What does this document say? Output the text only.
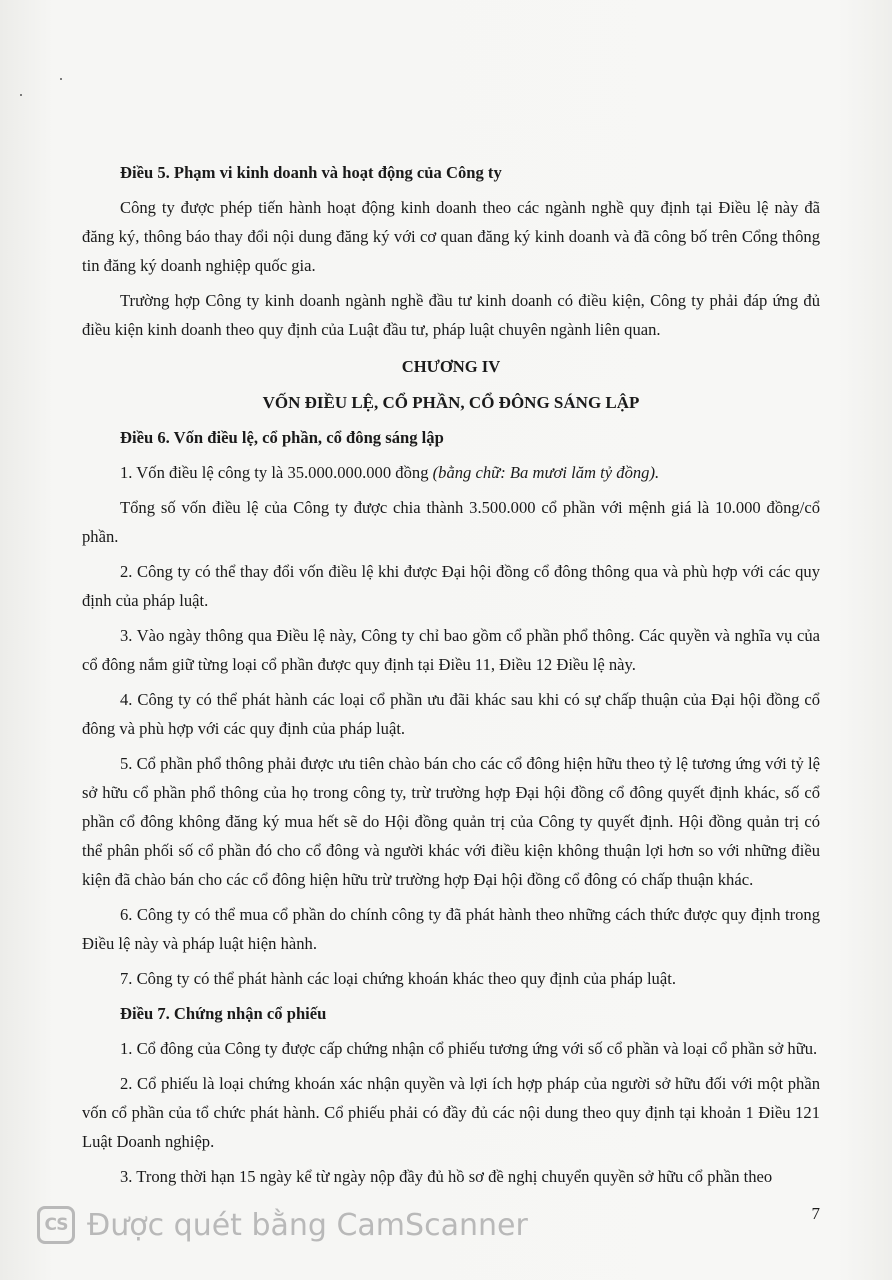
Điều 5. Phạm vi kinh doanh và hoạt động của Công ty

Công ty được phép tiến hành hoạt động kinh doanh theo các ngành nghề quy định tại Điều lệ này đã đăng ký, thông báo thay đổi nội dung đăng ký với cơ quan đăng ký kinh doanh và đã công bố trên Cổng thông tin đăng ký doanh nghiệp quốc gia.

Trường hợp Công ty kinh doanh ngành nghề đầu tư kinh doanh có điều kiện, Công ty phải đáp ứng đủ điều kiện kinh doanh theo quy định của Luật đầu tư, pháp luật chuyên ngành liên quan.

CHƯƠNG IV

VỐN ĐIỀU LỆ, CỔ PHẦN, CỔ ĐÔNG SÁNG LẬP

Điều 6. Vốn điều lệ, cổ phần, cổ đông sáng lập

1. Vốn điều lệ công ty là 35.000.000.000 đồng (bằng chữ: Ba mươi lăm tỷ đồng).

Tổng số vốn điều lệ của Công ty được chia thành 3.500.000 cổ phần với mệnh giá là 10.000 đồng/cổ phần.

2. Công ty có thể thay đổi vốn điều lệ khi được Đại hội đồng cổ đông thông qua và phù hợp với các quy định của pháp luật.

3. Vào ngày thông qua Điều lệ này, Công ty chỉ bao gồm cổ phần phổ thông. Các quyền và nghĩa vụ của cổ đông nắm giữ từng loại cổ phần được quy định tại Điều 11, Điều 12 Điều lệ này.

4. Công ty có thể phát hành các loại cổ phần ưu đãi khác sau khi có sự chấp thuận của Đại hội đồng cổ đông và phù hợp với các quy định của pháp luật.

5. Cổ phần phổ thông phải được ưu tiên chào bán cho các cổ đông hiện hữu theo tỷ lệ tương ứng với tỷ lệ sở hữu cổ phần phổ thông của họ trong công ty, trừ trường hợp Đại hội đồng cổ đông quyết định khác, số cổ phần cổ đông không đăng ký mua hết sẽ do Hội đồng quản trị của Công ty quyết định. Hội đồng quản trị có thể phân phối số cổ phần đó cho cổ đông và người khác với điều kiện không thuận lợi hơn so với những điều kiện đã chào bán cho các cổ đông hiện hữu trừ trường hợp Đại hội đồng cổ đông có chấp thuận khác.

6. Công ty có thể mua cổ phần do chính công ty đã phát hành theo những cách thức được quy định trong Điều lệ này và pháp luật hiện hành.

7. Công ty có thể phát hành các loại chứng khoán khác theo quy định của pháp luật.

Điều 7. Chứng nhận cổ phiếu

1. Cổ đông của Công ty được cấp chứng nhận cổ phiếu tương ứng với số cổ phần và loại cổ phần sở hữu.

2. Cổ phiếu là loại chứng khoán xác nhận quyền và lợi ích hợp pháp của người sở hữu đối với một phần vốn cổ phần của tổ chức phát hành. Cổ phiếu phải có đầy đủ các nội dung theo quy định tại khoản 1 Điều 121 Luật Doanh nghiệp.

3. Trong thời hạn 15 ngày kể từ ngày nộp đầy đủ hồ sơ đề nghị chuyển quyền sở hữu cổ phần theo

CS Được quét bằng CamScanner	7
